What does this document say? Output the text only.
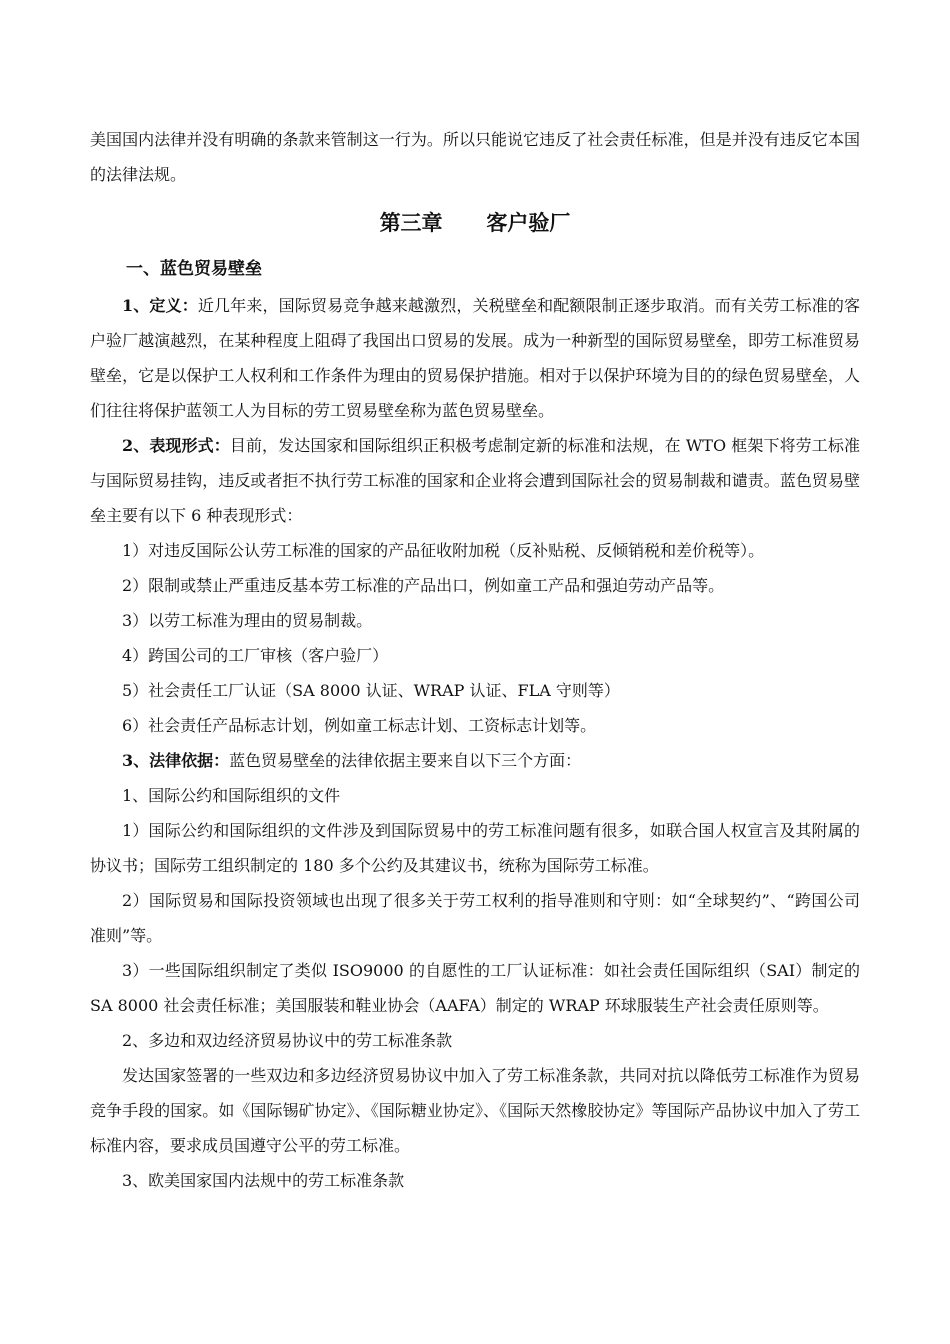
美国国内法律并没有明确的条款来管制这一行为。所以只能说它违反了社会责任标准，但是并没有违反它本国的法律法规。

第三章      客户验厂
一、蓝色贸易壁垒

1、定义：近几年来，国际贸易竞争越来越激烈，关税壁垒和配额限制正逐步取消。而有关劳工标准的客户验厂越演越烈，在某种程度上阻碍了我国出口贸易的发展。成为一种新型的国际贸易壁垒，即劳工标准贸易壁垒，它是以保护工人权利和工作条件为理由的贸易保护措施。相对于以保护环境为目的的绿色贸易壁垒，人们往往将保护蓝领工人为目标的劳工贸易壁垒称为蓝色贸易壁垒。

2、表现形式：目前，发达国家和国际组织正积极考虑制定新的标准和法规，在 WTO 框架下将劳工标准与国际贸易挂钩，违反或者拒不执行劳工标准的国家和企业将会遭到国际社会的贸易制裁和谴责。蓝色贸易壁垒主要有以下 6 种表现形式：

1）对违反国际公认劳工标准的国家的产品征收附加税（反补贴税、反倾销税和差价税等）。

2）限制或禁止严重违反基本劳工标准的产品出口，例如童工产品和强迫劳动产品等。

3）以劳工标准为理由的贸易制裁。

4）跨国公司的工厂审核（客户验厂）

5）社会责任工厂认证（SA 8000 认证、WRAP 认证、FLA 守则等）

6）社会责任产品标志计划，例如童工标志计划、工资标志计划等。

3、法律依据：蓝色贸易壁垒的法律依据主要来自以下三个方面：

1、国际公约和国际组织的文件

1）国际公约和国际组织的文件涉及到国际贸易中的劳工标准问题有很多，如联合国人权宣言及其附属的协议书；国际劳工组织制定的 180 多个公约及其建议书，统称为国际劳工标准。

2）国际贸易和国际投资领域也出现了很多关于劳工权利的指导准则和守则：如“全球契约”、“跨国公司准则”等。

3）一些国际组织制定了类似 ISO9000 的自愿性的工厂认证标准：如社会责任国际组织（SAI）制定的 SA 8000 社会责任标准；美国服装和鞋业协会（AAFA）制定的 WRAP 环球服装生产社会责任原则等。

2、多边和双边经济贸易协议中的劳工标准条款

发达国家签署的一些双边和多边经济贸易协议中加入了劳工标准条款，共同对抗以降低劳工标准作为贸易竞争手段的国家。如《国际锡矿协定》、《国际糖业协定》、《国际天然橡胶协定》等国际产品协议中加入了劳工标准内容，要求成员国遵守公平的劳工标准。

3、欧美国家国内法规中的劳工标准条款
